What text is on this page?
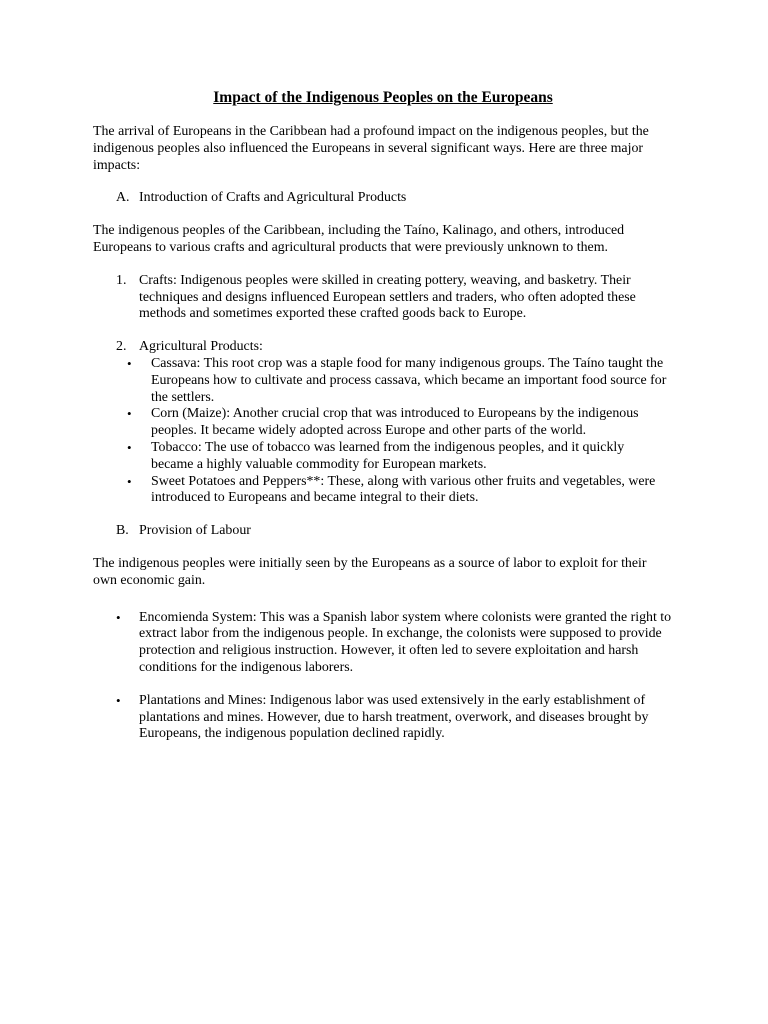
Impact of the Indigenous Peoples on the Europeans

The arrival of Europeans in the Caribbean had a profound impact on the indigenous peoples, but the indigenous peoples also influenced the Europeans in several significant ways. Here are three major impacts:

A. Introduction of Crafts and Agricultural Products

The indigenous peoples of the Caribbean, including the Taíno, Kalinago, and others, introduced Europeans to various crafts and agricultural products that were previously unknown to them.

1. Crafts: Indigenous peoples were skilled in creating pottery, weaving, and basketry. Their techniques and designs influenced European settlers and traders, who often adopted these methods and sometimes exported these crafted goods back to Europe.
2. Agricultural Products:
•	Cassava: This root crop was a staple food for many indigenous groups. The Taíno taught the Europeans how to cultivate and process cassava, which became an important food source for the settlers.
•	Corn (Maize): Another crucial crop that was introduced to Europeans by the indigenous peoples. It became widely adopted across Europe and other parts of the world.
•	Tobacco: The use of tobacco was learned from the indigenous peoples, and it quickly became a highly valuable commodity for European markets.
•	Sweet Potatoes and Peppers**: These, along with various other fruits and vegetables, were introduced to Europeans and became integral to their diets.
B. Provision of Labour

The indigenous peoples were initially seen by the Europeans as a source of labor to exploit for their own economic gain.

•	Encomienda System: This was a Spanish labor system where colonists were granted the right to extract labor from the indigenous people. In exchange, the colonists were supposed to provide protection and religious instruction. However, it often led to severe exploitation and harsh conditions for the indigenous laborers.
•	Plantations and Mines: Indigenous labor was used extensively in the early establishment of plantations and mines. However, due to harsh treatment, overwork, and diseases brought by Europeans, the indigenous population declined rapidly.
